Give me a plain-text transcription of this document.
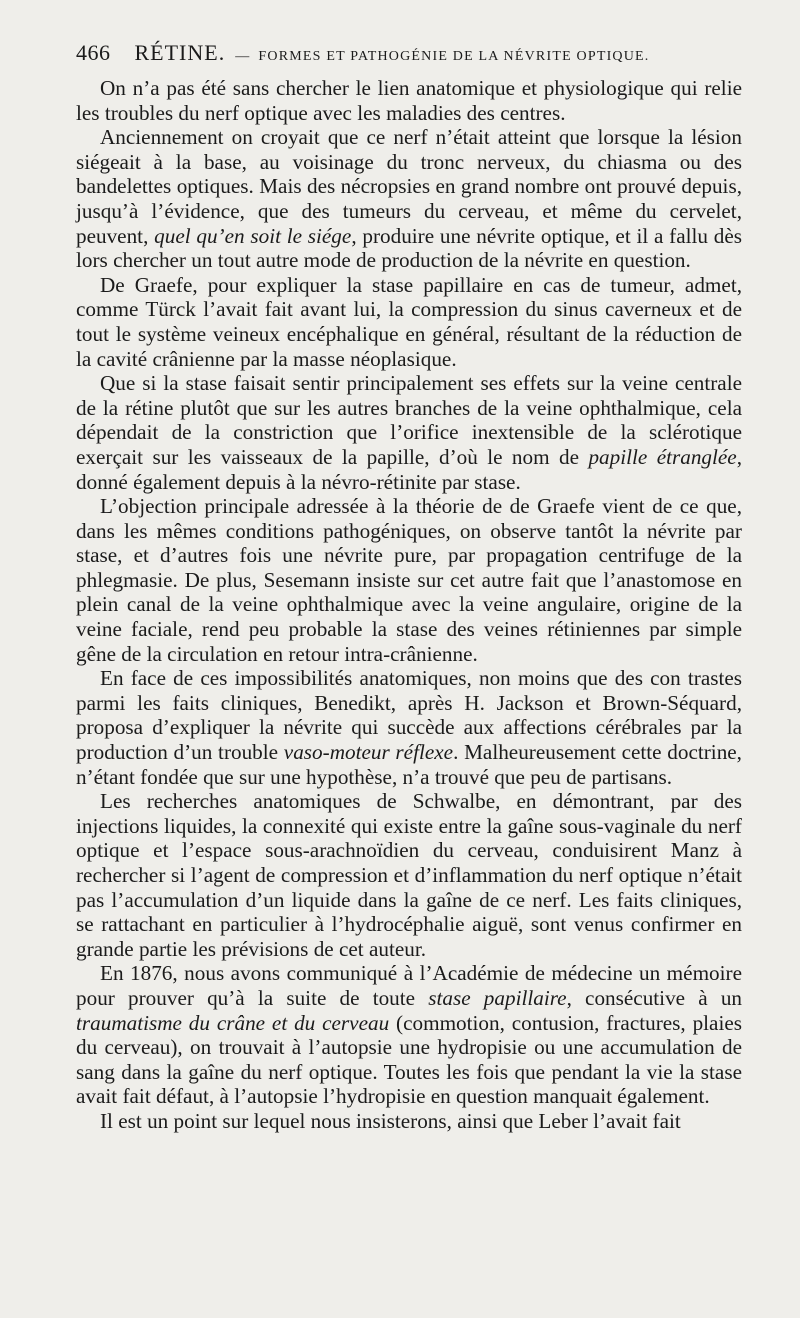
466 RÉTINE. — FORMES ET PATHOGÉNIE DE LA NÉVRITE OPTIQUE.

On n’a pas été sans chercher le lien anatomique et physiologique qui relie les troubles du nerf optique avec les maladies des centres.

Anciennement on croyait que ce nerf n’était atteint que lorsque la lésion siégeait à la base, au voisinage du tronc nerveux, du chiasma ou des bandelettes optiques. Mais des nécropsies en grand nombre ont prouvé depuis, jusqu’à l’évidence, que des tumeurs du cerveau, et même du cervelet, peuvent, quel qu’en soit le siége, produire une névrite optique, et il a fallu dès lors chercher un tout autre mode de production de la névrite en question.

De Graefe, pour expliquer la stase papillaire en cas de tumeur, admet, comme Türck l’avait fait avant lui, la compression du sinus caverneux et de tout le système veineux encéphalique en général, résultant de la réduction de la cavité crânienne par la masse néoplasique.

Que si la stase faisait sentir principalement ses effets sur la veine centrale de la rétine plutôt que sur les autres branches de la veine ophthalmique, cela dépendait de la constriction que l’orifice inextensible de la sclérotique exerçait sur les vaisseaux de la papille, d’où le nom de papille étranglée, donné également depuis à la névro-rétinite par stase.

L’objection principale adressée à la théorie de de Graefe vient de ce que, dans les mêmes conditions pathogéniques, on observe tantôt la névrite par stase, et d’autres fois une névrite pure, par propagation centrifuge de la phlegmasie. De plus, Sesemann insiste sur cet autre fait que l’anastomose en plein canal de la veine ophthalmique avec la veine angulaire, origine de la veine faciale, rend peu probable la stase des veines rétiniennes par simple gêne de la circulation en retour intra-crânienne.

En face de ces impossibilités anatomiques, non moins que des con trastes parmi les faits cliniques, Benedikt, après H. Jackson et Brown-Séquard, proposa d’expliquer la névrite qui succède aux affections cérébrales par la production d’un trouble vaso-moteur réflexe. Malheureusement cette doctrine, n’étant fondée que sur une hypothèse, n’a trouvé que peu de partisans.

Les recherches anatomiques de Schwalbe, en démontrant, par des injections liquides, la connexité qui existe entre la gaîne sous-vaginale du nerf optique et l’espace sous-arachnoïdien du cerveau, conduisirent Manz à rechercher si l’agent de compression et d’inflammation du nerf optique n’était pas l’accumulation d’un liquide dans la gaîne de ce nerf. Les faits cliniques, se rattachant en particulier à l’hydrocéphalie aiguë, sont venus confirmer en grande partie les prévisions de cet auteur.

En 1876, nous avons communiqué à l’Académie de médecine un mémoire pour prouver qu’à la suite de toute stase papillaire, consécutive à un traumatisme du crâne et du cerveau (commotion, contusion, fractures, plaies du cerveau), on trouvait à l’autopsie une hydropisie ou une accumulation de sang dans la gaîne du nerf optique. Toutes les fois que pendant la vie la stase avait fait défaut, à l’autopsie l’hydropisie en question manquait également.

Il est un point sur lequel nous insisterons, ainsi que Leber l’avait fait
